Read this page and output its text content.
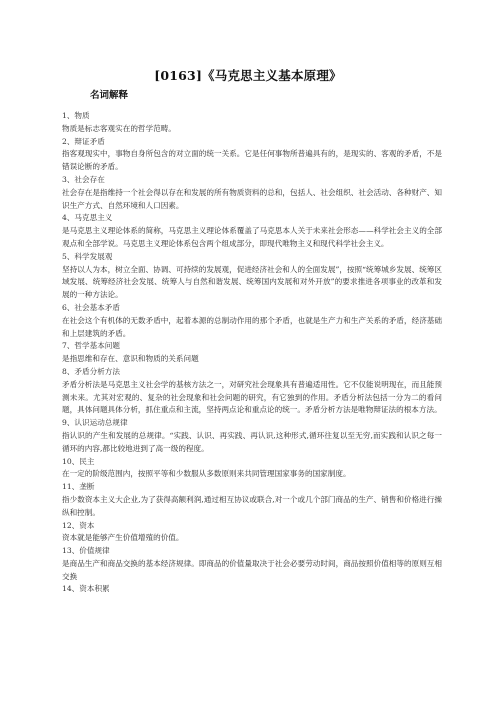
[0163]《马克思主义基本原理》
名词解释

1、物质

物质是标志客观实在的哲学范畴。

2、辩证矛盾

指客观现实中，事物自身所包含的对立面的统一关系。它是任何事物所普遍具有的，是现实的、客观的矛盾，不是错误论断的矛盾。

3、社会存在

社会存在是指维持一个社会得以存在和发展的所有物质资料的总和，包括人、社会组织、社会活动、各种财产、知识生产方式、自然环境和人口因素。

4、马克思主义

是马克思主义理论体系的简称，马克思主义理论体系覆盖了马克思本人关于未来社会形态——科学社会主义的全部观点和全部学说。马克思主义理论体系包含两个组成部分，即现代唯物主义和现代科学社会主义。

5、科学发展观

坚持以人为本，树立全面、协调、可持续的发展观，促进经济社会和人的全面发展”，按照“统筹城乡发展、统筹区域发展、统筹经济社会发展、统筹人与自然和谐发展、统筹国内发展和对外开放”的要求推进各项事业的改革和发展的一种方法论。

6、社会基本矛盾

在社会这个有机体的无数矛盾中，起着本源的总制动作用的那个矛盾，也就是生产力和生产关系的矛盾，经济基础和上层建筑的矛盾。

7、哲学基本问题

是指思维和存在、意识和物质的关系问题

8、矛盾分析方法

矛盾分析法是马克思主义社会学的基核方法之一，对研究社会现象具有普遍适用性。它不仅能说明现在，而且能预测未来。尤其对宏观的、复杂的社会现象和社会问题的研究，有它独到的作用。矛盾分析法包括一分为二的看问题，具体问题具体分析，抓住重点和主流，坚持两点论和重点论的统一。矛盾分析方法是唯物辩证法的根本方法。

9、认识运动总规律

指认识的产生和发展的总规律。“实践、认识、再实践、再认识,这种形式,循环往复以至无穷,而实践和认识之每一循环的内容,都比较地进到了高一级的程度。

10、民主

在一定的阶级范围内，按照平等和少数服从多数原则来共同管理国家事务的国家制度。

11、垄断

指少数资本主义大企业,为了获得高额利润,通过相互协议或联合,对一个或几个部门商品的生产、销售和价格进行操纵和控制。

12、资本

资本就是能够产生价值增殖的价值。

13、价值规律

是商品生产和商品交换的基本经济规律。即商品的价值量取决于社会必要劳动时间，商品按照价值相等的原则互相交换

14、资本积累
